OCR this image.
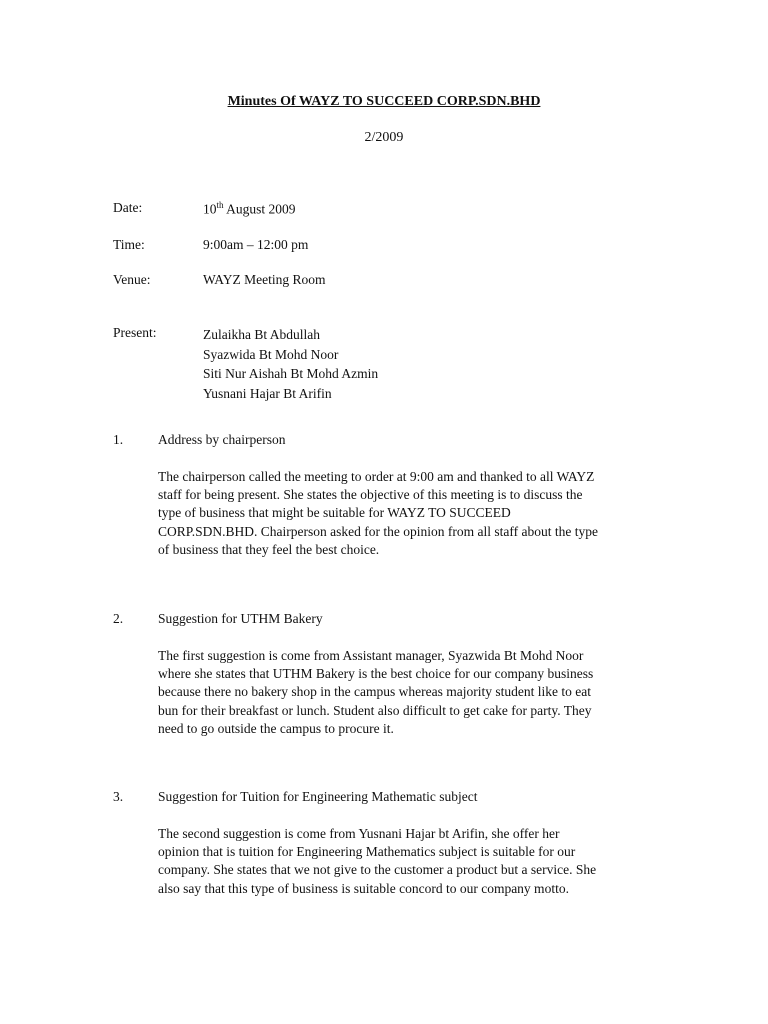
Minutes Of WAYZ TO SUCCEED CORP.SDN.BHD
2/2009
Date:	10th August 2009
Time:	9:00am – 12:00 pm
Venue:	WAYZ Meeting Room
Present:	Zulaikha Bt Abdullah
Syazwida Bt Mohd Noor
Siti Nur Aishah Bt Mohd Azmin
Yusnani Hajar Bt Arifin
1.	Address by chairperson
The chairperson called the meeting to order at 9:00 am and thanked to all WAYZ
staff for being present. She states the objective of this meeting is to discuss the
type of business that might be suitable for WAYZ TO SUCCEED
CORP.SDN.BHD. Chairperson asked for the opinion from all staff about the type
of business that they feel the best choice.
2.	Suggestion for UTHM Bakery
The first suggestion is come from Assistant manager, Syazwida Bt Mohd Noor
where she states that UTHM Bakery is the best choice for our company business
because there no bakery shop in the campus whereas majority student like to eat
bun for their breakfast or lunch. Student also difficult to get cake for party. They
need to go outside the campus to procure it.
3.	Suggestion for Tuition for Engineering Mathematic subject
The second suggestion is come from Yusnani Hajar bt Arifin, she offer her
opinion that is tuition for Engineering Mathematics subject is suitable for our
company. She states that we not give to the customer a product but a service. She
also say that this type of business is suitable concord to our company motto.
